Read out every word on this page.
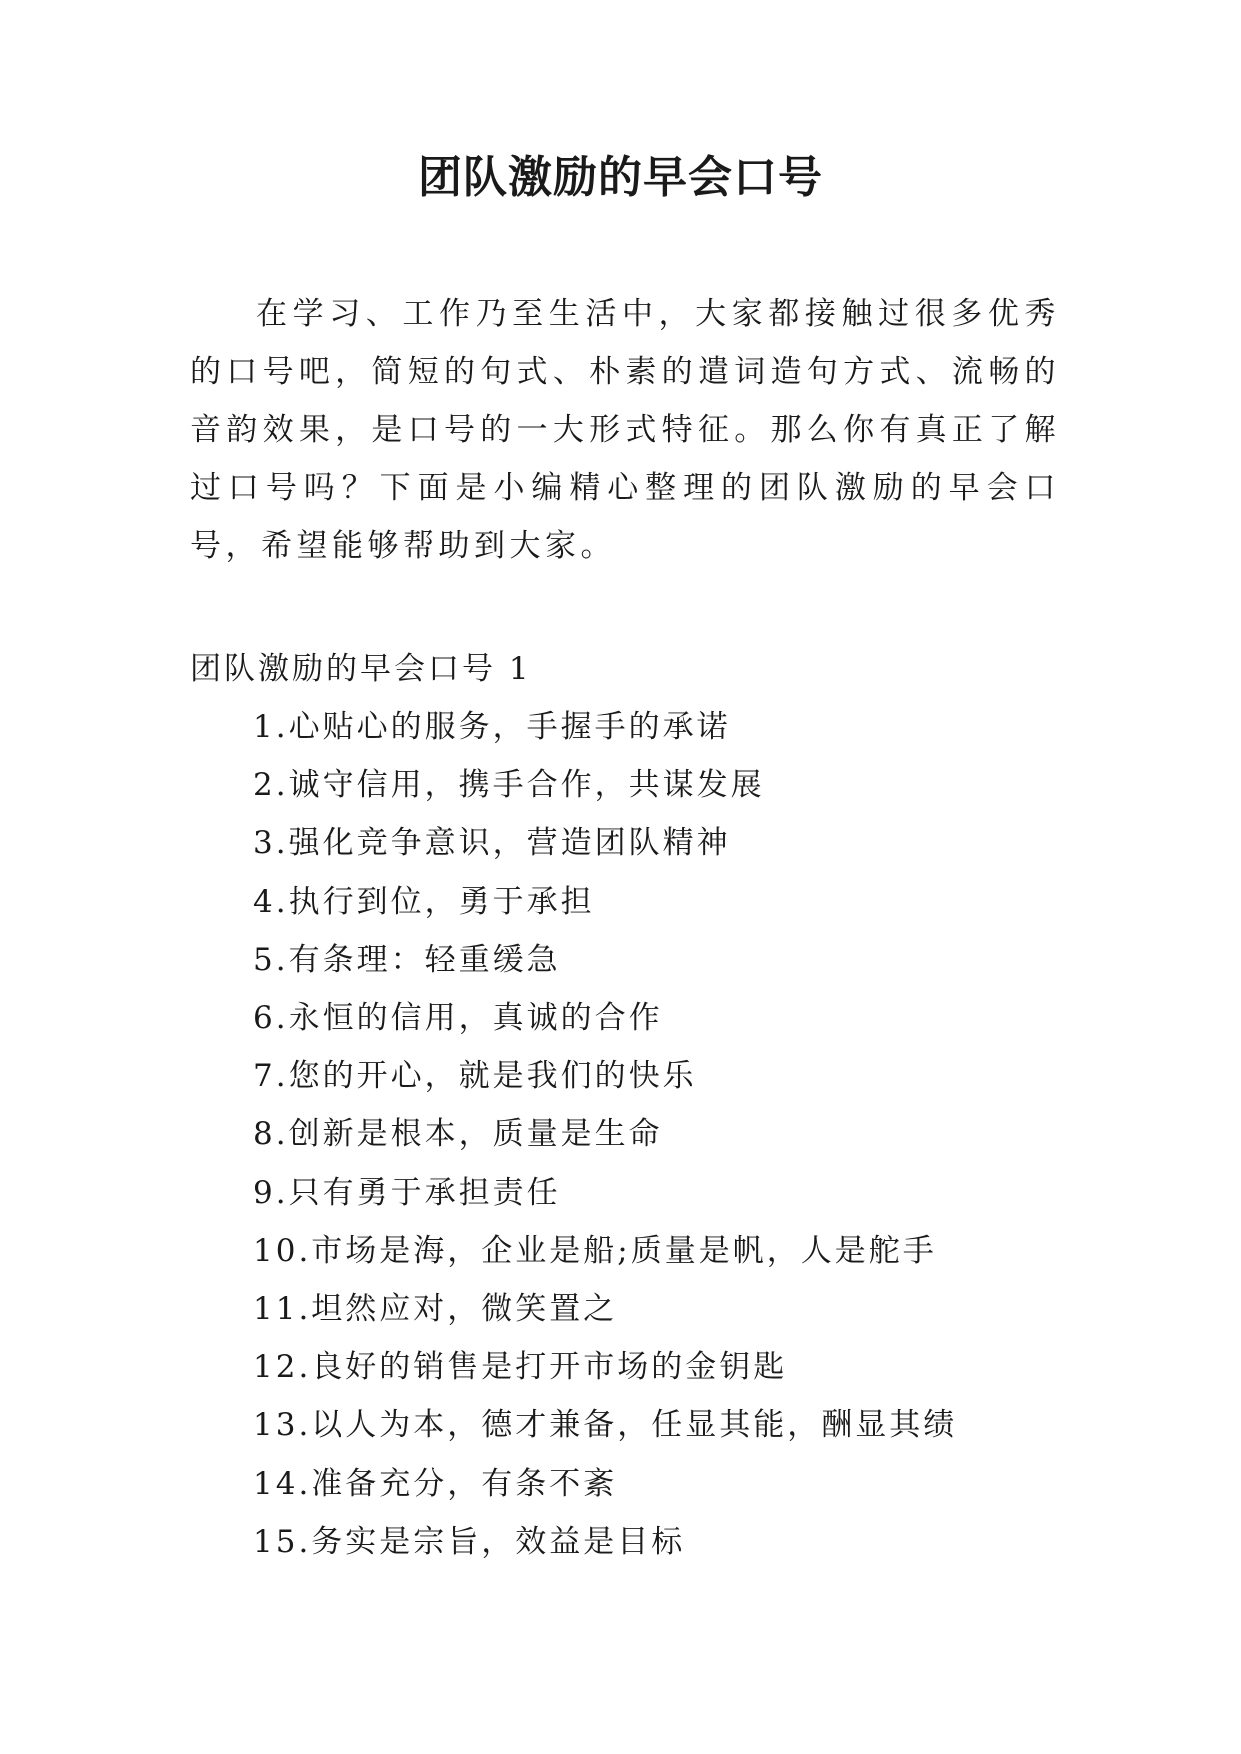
团队激励的早会口号

在学习、工作乃至生活中，大家都接触过很多优秀的口号吧，简短的句式、朴素的遣词造句方式、流畅的音韵效果，是口号的一大形式特征。那么你有真正了解过口号吗？下面是小编精心整理的团队激励的早会口号，希望能够帮助到大家。

团队激励的早会口号 1
1.心贴心的服务，手握手的承诺
2.诚守信用，携手合作，共谋发展
3.强化竞争意识，营造团队精神
4.执行到位，勇于承担
5.有条理：轻重缓急
6.永恒的信用，真诚的合作
7.您的开心，就是我们的快乐
8.创新是根本，质量是生命
9.只有勇于承担责任
10.市场是海，企业是船;质量是帆，人是舵手
11.坦然应对，微笑置之
12.良好的销售是打开市场的金钥匙
13.以人为本，德才兼备，任显其能，酬显其绩
14.准备充分，有条不紊
15.务实是宗旨，效益是目标
